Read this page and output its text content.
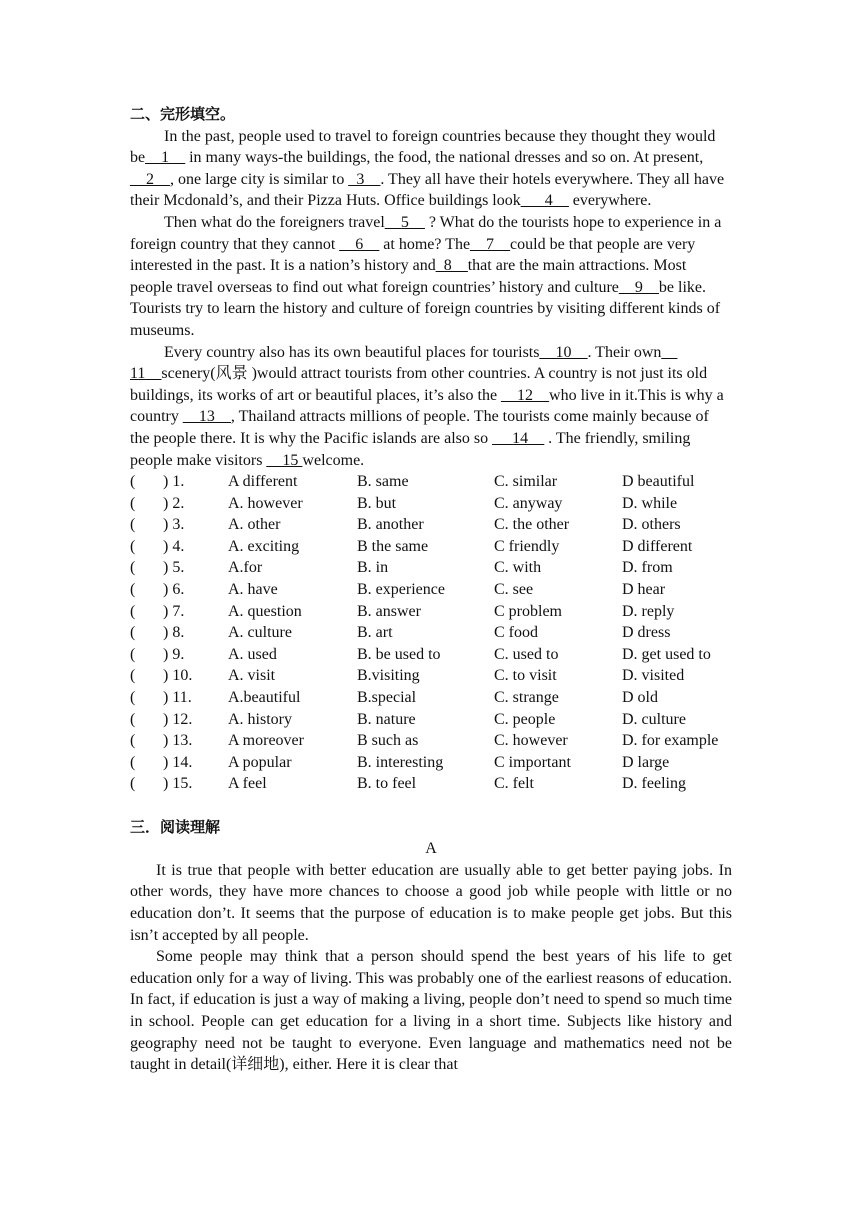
二、完形填空。

In the past, people used to travel to foreign countries because they thought they would be__1__ in many ways-the buildings, the food, the national dresses and so on. At present, __2__, one large city is similar to _3__. They all have their hotels everywhere. They all have their Mcdonald’s, and their Pizza Huts. Office buildings look___4__ everywhere.

Then what do the foreigners travel__5__ ? What do the tourists hope to experience in a foreign country that they cannot __6__ at home? The__7__could be that people are very interested in the past. It is a nation’s history and_8__that are the main attractions. Most people travel overseas to find out what foreign countries’ history and culture__9__be like. Tourists try to learn the history and culture of foreign countries by visiting different kinds of museums.

Every country also has its own beautiful places for tourists__10__. Their own__ 11__scenery(风景 )would attract tourists from other countries. A country is not just its old buildings, its works of art or beautiful places, it’s also the __12__who live in it.This is why a country __13__, Thailand attracts millions of people. The tourists come mainly because of the people there. It is why the Pacific islands are also so __ 14__ . The friendly, smiling people make visitors __15 welcome.

(	) 1.	A different	B. same	C. similar	D beautiful
(	) 2.	A. however	B. but	C. anyway	D. while
(	) 3.	A. other	B. another	C. the other	D. others
(	) 4.	A. exciting	B the same	C friendly	D different
(	) 5.	A.for	B. in	C. with	D. from
(	) 6.	A. have	B. experience	C. see	D hear
(	) 7.	A. question	B. answer	C problem	D. reply
(	) 8.	A. culture	B. art	C food	D dress
(	) 9.	A. used	B. be used to	C. used to	D. get used to
(	) 10.	A. visit	B.visiting	C. to visit	D. visited
(	) 11.	A.beautiful	B.special	C. strange	D old
(	) 12.	A. history	B. nature	C. people	D. culture
(	) 13.	A moreover	B such as	C. however	D. for example
(	) 14.	A popular	B. interesting	C important	D large
(	) 15.	A feel	B. to feel	C. felt	D. feeling
三．阅读理解
A

It is true that people with better education are usually able to get better paying jobs. In other words, they have more chances to choose a good job while people with little or no education don’t. It seems that the purpose of education is to make people get jobs. But this isn’t accepted by all people.

Some people may think that a person should spend the best years of his life to get education only for a way of living. This was probably one of the earliest reasons of education. In fact, if education is just a way of making a living, people don’t need to spend so much time in school. People can get education for a living in a short time. Subjects like history and geography need not be taught to everyone. Even language and mathematics need not be taught in detail(详细地), either. Here it is clear that
